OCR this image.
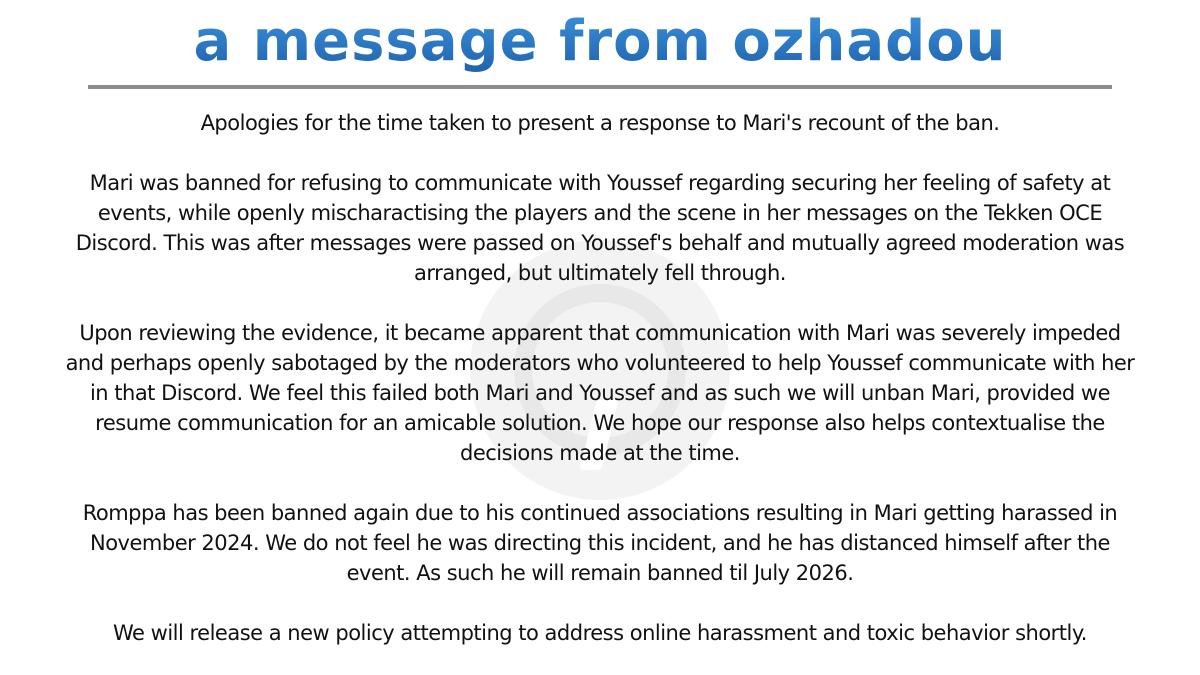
a message from ozhadou

Apologies for the time taken to present a response to Mari's recount of the ban.

Mari was banned for refusing to communicate with Youssef regarding securing her feeling of safety at events, while openly mischaractising the players and the scene in her messages on the Tekken OCE Discord. This was after messages were passed on Youssef's behalf and mutually agreed moderation was arranged, but ultimately fell through.

Upon reviewing the evidence, it became apparent that communication with Mari was severely impeded and perhaps openly sabotaged by the moderators who volunteered to help Youssef communicate with her in that Discord. We feel this failed both Mari and Youssef and as such we will unban Mari, provided we resume communication for an amicable solution. We hope our response also helps contextualise the decisions made at the time.

Romppa has been banned again due to his continued associations resulting in Mari getting harassed in November 2024. We do not feel he was directing this incident, and he has distanced himself after the event. As such he will remain banned til July 2026.

We will release a new policy attempting to address online harassment and toxic behavior shortly.
